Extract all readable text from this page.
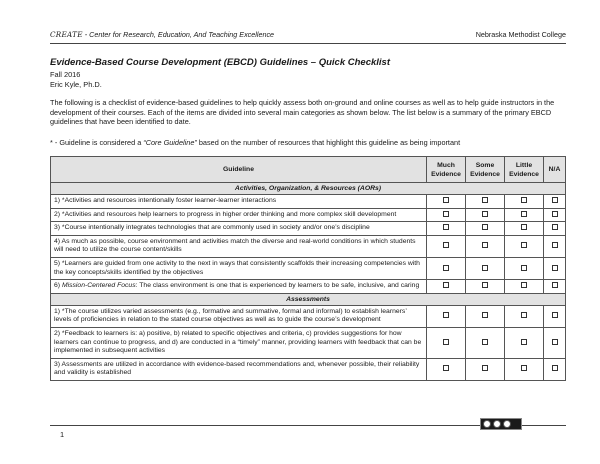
CREATE - Center for Research, Education, And Teaching Excellence	Nebraska Methodist College
Evidence-Based Course Development (EBCD) Guidelines – Quick Checklist
Fall 2016
Eric Kyle, Ph.D.
The following is a checklist of evidence-based guidelines to help quickly assess both on-ground and online courses as well as to help guide instructors in the development of their courses. Each of the items are divided into several main categories as shown below. The list below is a summary of the primary EBCD guidelines that have been identified to date.
* - Guideline is considered a “Core Guideline” based on the number of resources that highlight this guideline as being important
Guideline	Much Evidence	Some Evidence	Little Evidence	N/A
Activities, Organization, & Resources (AORs)				
1) *Activities and resources intentionally foster learner-learner interactions				
2) *Activities and resources help learners to progress in higher order thinking and more complex skill development				
3) *Course intentionally integrates technologies that are commonly used in society and/or one’s discipline				
4) As much as possible, course environment and activities match the diverse and real-world conditions in which students will need to utilize the course content/skills				
5) *Learners are guided from one activity to the next in ways that consistently scaffolds their increasing competencies with the key concepts/skills identified by the objectives				
6) Mission-Centered Focus: The class environment is one that is experienced by learners to be safe, inclusive, and caring				
Assessments				
1) *The course utilizes varied assessments (e.g., formative and summative, formal and informal) to establish learners’ levels of proficiencies in relation to the stated course objectives as well as to guide the course’s development				
2) *Feedback to learners is: a) positive, b) related to specific objectives and criteria, c) provides suggestions for how learners can continue to progress, and d) are conducted in a “timely” manner, providing learners with feedback that can be implemented in subsequent activities				
3) Assessments are utilized in accordance with evidence-based recommendations and, whenever possible, their reliability and validity is established				
1
